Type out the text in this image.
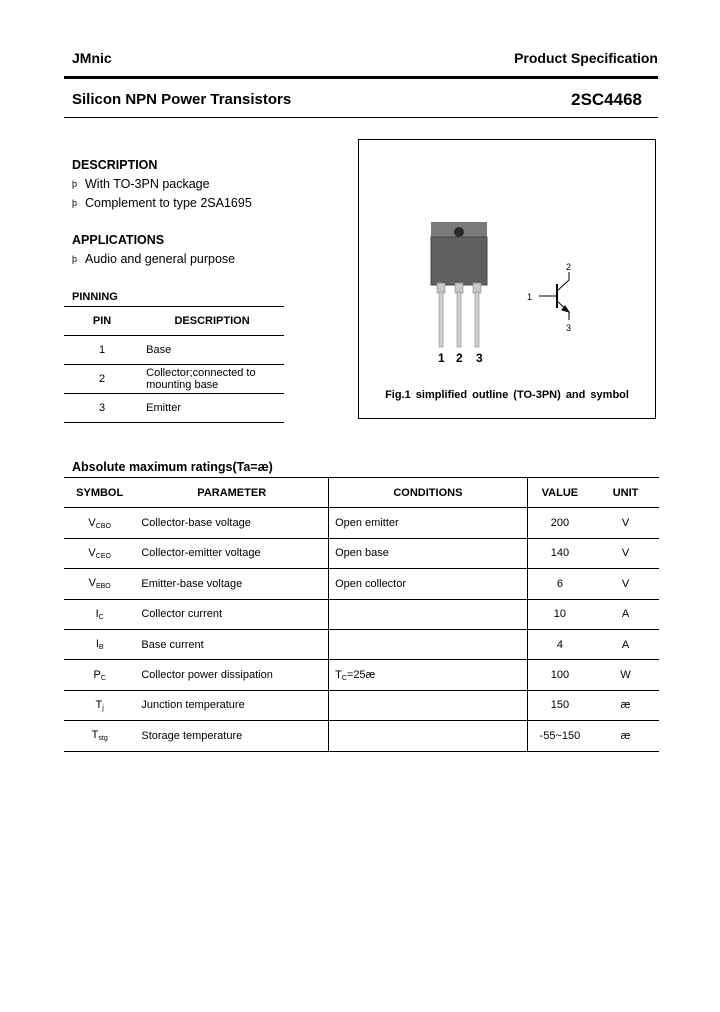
JMnic	Product Specification
Silicon NPN Power Transistors	2SC4468
DESCRIPTION
þ With TO-3PN package
þ Complement to type 2SA1695
APPLICATIONS
þ Audio and general purpose
PINNING
PIN	DESCRIPTION
1	Base
2	Collector;connected to mounting base

3	Emitter
1 2 3
1
2
3
Fig.1 simplified outline (TO-3PN) and symbol
Absolute maximum ratings(Ta=æ)
SYMBOL	PARAMETER	CONDITIONS	VALUE	UNIT
$V_{CBO}$	Collector-base voltage	Open emitter	200	V
$V_{CEO}$	Collector-emitter voltage	Open base	140	V
$V_{EBO}$	Emitter-base voltage	Open collector	6	V
$I_C$	Collector current		10	A
$I_B$	Base current		4	A
$P_C$	Collector power dissipation	$T_C=25æ$	100	W
$T_j$	Junction temperature		150	æ
$T_{stg}$	Storage temperature		-55~150	æ
